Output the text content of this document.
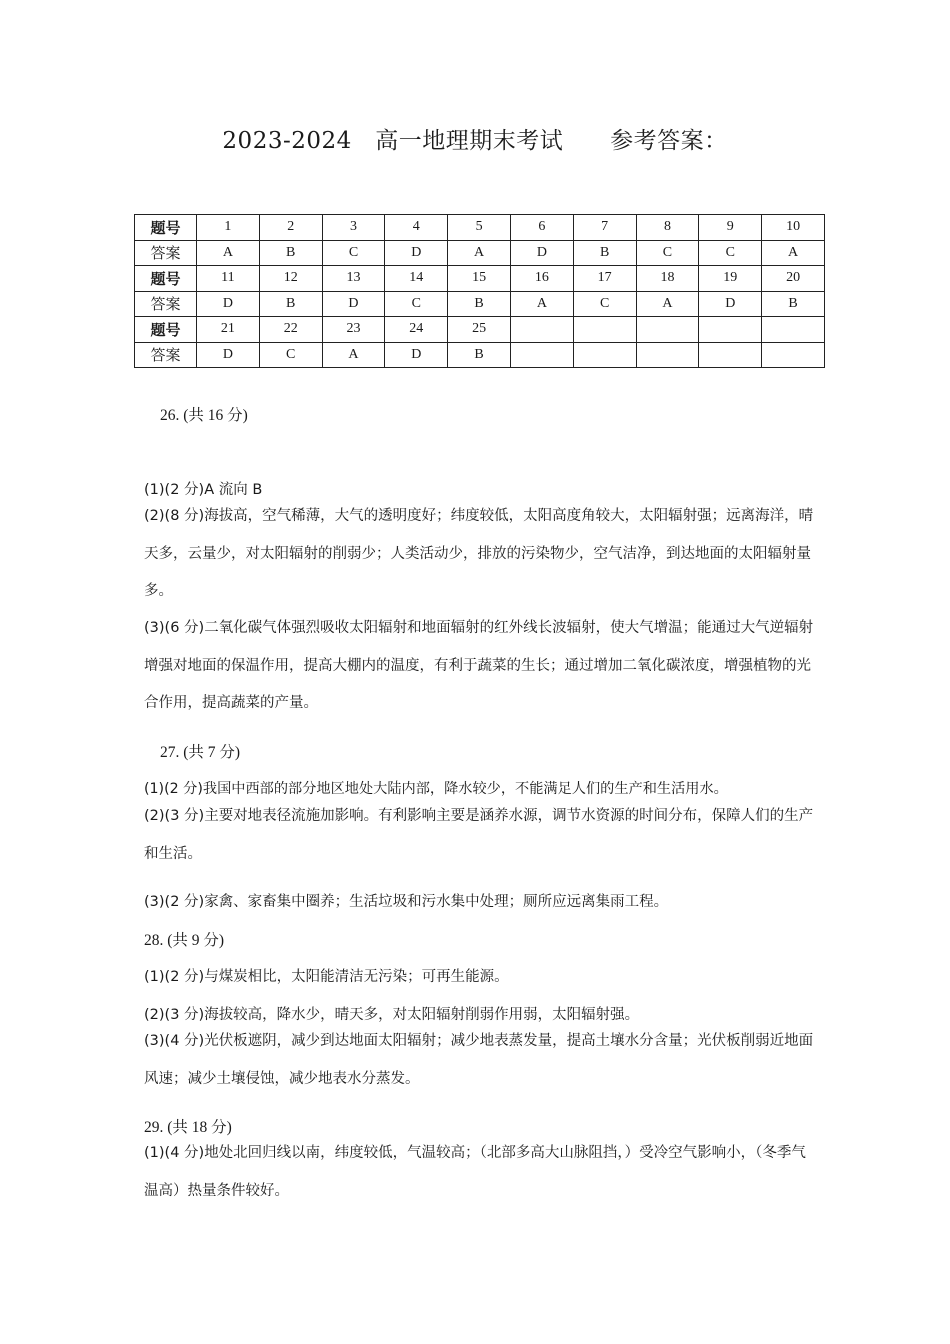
2023-2024 高一地理期末考试 参考答案：
题号	1	2	3	4	5	6	7	8	9	10
答案	A	B	C	D	A	D	B	C	C	A
题号	11	12	13	14	15	16	17	18	19	20
答案	D	B	D	C	B	A	C	A	D	B
题号	21	22	23	24	25					
答案	D	C	A	D	B					
26. (共 16 分)
(1)(2 分)A 流向 B
(2)(8 分)海拔高，空气稀薄，大气的透明度好；纬度较低，太阳高度角较大，太阳辐射强；远离海洋，晴天多，云量少，对太阳辐射的削弱少；人类活动少，排放的污染物少，空气洁净，到达地面的太阳辐射量多。
(3)(6 分)二氧化碳气体强烈吸收太阳辐射和地面辐射的红外线长波辐射，使大气增温；能通过大气逆辐射增强对地面的保温作用，提高大棚内的温度，有利于蔬菜的生长；通过增加二氧化碳浓度，增强植物的光合作用，提高蔬菜的产量。
27. (共 7 分)
(1)(2 分)我国中西部的部分地区地处大陆内部，降水较少，不能满足人们的生产和生活用水。
(2)(3 分)主要对地表径流施加影响。有利影响主要是涵养水源，调节水资源的时间分布，保障人们的生产和生活。
(3)(2 分)家禽、家畜集中圈养；生活垃圾和污水集中处理；厕所应远离集雨工程。
28. (共 9 分)
(1)(2 分)与煤炭相比，太阳能清洁无污染；可再生能源。
(2)(3 分)海拔较高，降水少，晴天多，对太阳辐射削弱作用弱，太阳辐射强。
(3)(4 分)光伏板遮阴，减少到达地面太阳辐射；减少地表蒸发量，提高土壤水分含量；光伏板削弱近地面风速；减少土壤侵蚀，减少地表水分蒸发。
29. (共 18 分)
(1)(4 分)地处北回归线以南，纬度较低，气温较高；（北部多高大山脉阻挡，）受冷空气影响小，（冬季气温高）热量条件较好。
